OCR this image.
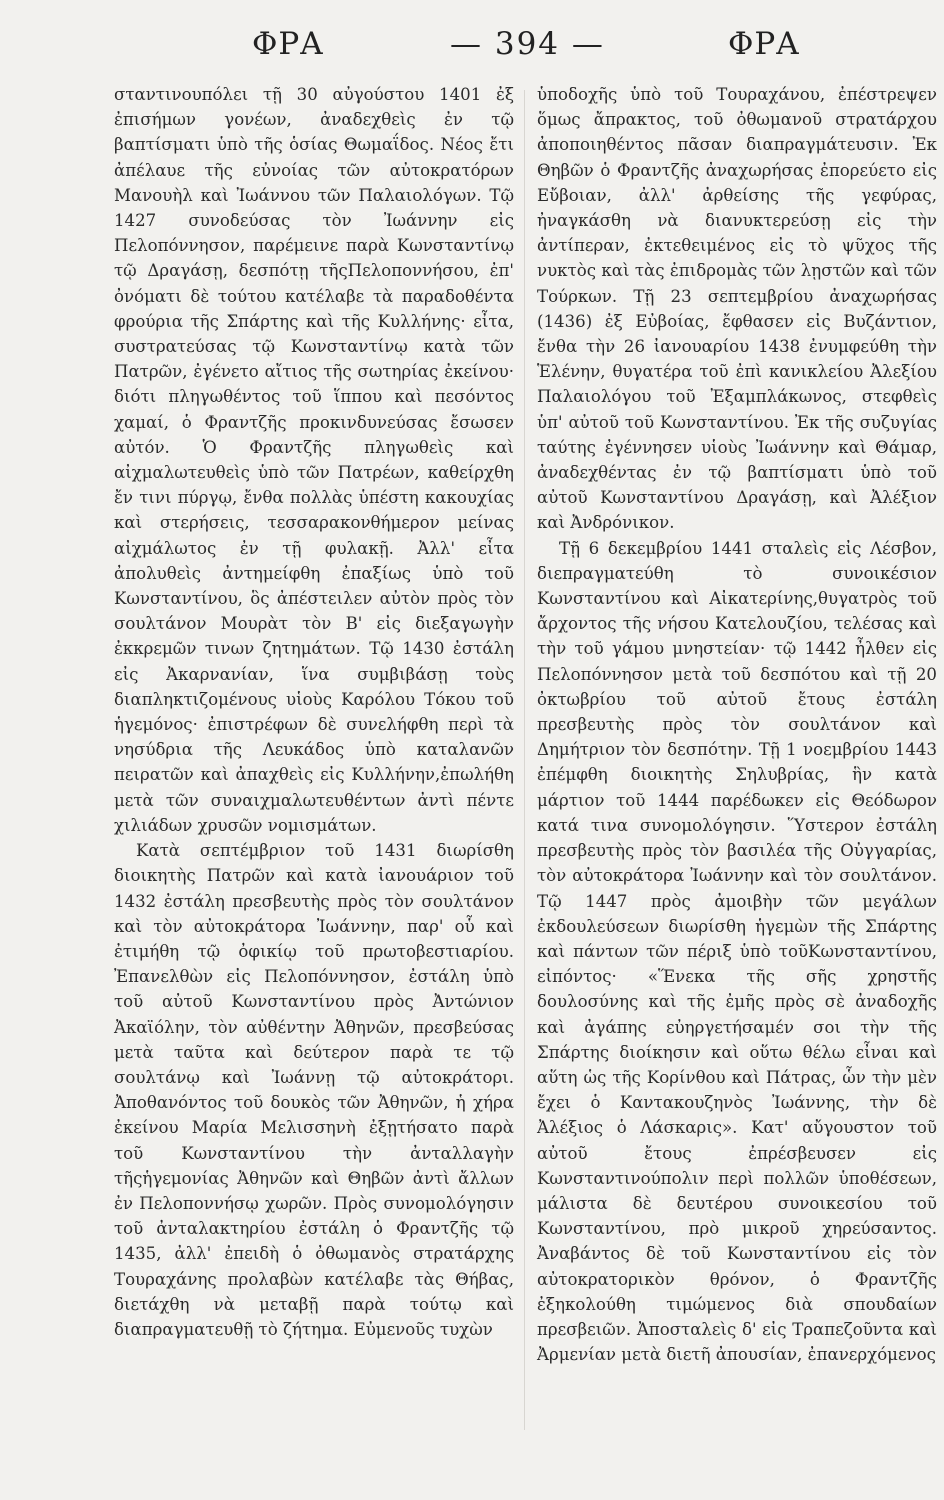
ΦΡΑ	— 394 —	ΦΡΑ

σταντινουπόλει τῇ 30 αὐγούστου 1401 ἐξ ἐπισήμων γονέων, ἀναδεχθεὶς ἐν τῷ βαπτίσματι ὑπὸ τῆς ὁσίας Θωμαΐδος. Νέος ἔτι ἀπέλαυε τῆς εὐνοίας τῶν αὐτοκρατόρων Μανουὴλ καὶ Ἰωάννου τῶν Παλαιολόγων. Τῷ 1427 συνοδεύσας τὸν Ἰωάννην εἰς Πελοπόννησον, παρέμεινε παρὰ Κωνσταντίνῳ τῷ Δραγάσῃ, δεσπότῃ τῆςΠελοποννήσου, ἐπ' ὀνόματι δὲ τούτου κατέλαβε τὰ παραδοθέντα φρούρια τῆς Σπάρτης καὶ τῆς Κυλλήνης· εἶτα, συστρατεύσας τῷ Κωνσταντίνῳ κατὰ τῶν Πατρῶν, ἐγένετο αἴτιος τῆς σωτηρίας ἐκείνου· διότι πληγωθέντος τοῦ ἵππου καὶ πεσόντος χαμαί, ὁ Φραντζῆς προκινδυνεύσας ἔσωσεν αὐτόν. Ὁ Φραντζῆς πληγωθεὶς καὶ αἰχμαλωτευθεὶς ὑπὸ τῶν Πατρέων, καθείρχθη ἔν τινι πύργῳ, ἔνθα πολλὰς ὑπέστη κακουχίας καὶ στερήσεις, τεσσαρακονθήμερον μείνας αἰχμάλωτος ἐν τῇ φυλακῇ. Ἀλλ' εἶτα ἀπολυθεὶς ἀντημείφθη ἐπαξίως ὑπὸ τοῦ Κωνσταντίνου, ὃς ἀπέστειλεν αὐτὸν πρὸς τὸν σουλτάνον Μουρὰτ τὸν Β' εἰς διεξαγωγὴν ἐκκρεμῶν τινων ζητημάτων. Τῷ 1430 ἐστάλη εἰς Ἀκαρνανίαν, ἵνα συμβιβάσῃ τοὺς διαπληκτιζομένους υἱοὺς Καρόλου Τόκου τοῦ ἡγεμόνος· ἐπιστρέφων δὲ συνελήφθη περὶ τὰ νησύδρια τῆς Λευκάδος ὑπὸ καταλανῶν πειρατῶν καὶ ἀπαχθεὶς εἰς Κυλλήνην,ἐπωλήθη μετὰ τῶν συναιχμαλωτευθέντων ἀντὶ πέντε χιλιάδων χρυσῶν νομισμάτων.

Κατὰ σεπτέμβριον τοῦ 1431 διωρίσθη διοικητὴς Πατρῶν καὶ κατὰ ἰανουάριον τοῦ 1432 ἐστάλη πρεσβευτὴς πρὸς τὸν σουλτάνον καὶ τὸν αὐτοκράτορα Ἰωάννην, παρ' οὗ καὶ ἐτιμήθη τῷ ὀφικίῳ τοῦ πρωτοβεστιαρίου. Ἐπανελθὼν εἰς Πελοπόννησον, ἐστάλη ὑπὸ τοῦ αὐτοῦ Κωνσταντίνου πρὸς Ἀντώνιον Ἀκαϊόλην, τὸν αὐθέντην Ἀθηνῶν, πρεσβεύσας μετὰ ταῦτα καὶ δεύτερον παρὰ τε τῷ σουλτάνῳ καὶ Ἰωάννῃ τῷ αὐτοκράτορι. Ἀποθανόντος τοῦ δουκὸς τῶν Ἀθηνῶν, ἡ χήρα ἐκείνου Μαρία Μελισσηνὴ ἐξῃτήσατο παρὰ τοῦ Κωνσταντίνου τὴν ἀνταλλαγὴν τῆςἡγεμονίας Ἀθηνῶν καὶ Θηβῶν ἀντὶ ἄλλων ἐν Πελοποννήσῳ χωρῶν. Πρὸς συνομολόγησιν τοῦ ἀνταλακτηρίου ἐστάλη ὁ Φραντζῆς τῷ 1435, ἀλλ' ἐπειδὴ ὁ ὀθωμανὸς στρατάρχης Τουραχάνης προλαβὼν κατέλαβε τὰς Θήβας, διετάχθη νὰ μεταβῇ παρὰ τούτῳ καὶ διαπραγματευθῇ τὸ ζήτημα. Εὐμενοῦς τυχὼν

ὑποδοχῆς ὑπὸ τοῦ Τουραχάνου, ἐπέστρεψεν ὅμως ἄπρακτος, τοῦ ὀθωμανοῦ στρατάρχου ἀποποιηθέντος πᾶσαν διαπραγμάτευσιν. Ἐκ Θηβῶν ὁ Φραντζῆς ἀναχωρήσας ἐπορεύετο εἰς Εὔβοιαν, ἀλλ' ἀρθείσης τῆς γεφύρας, ἠναγκάσθη νὰ διανυκτερεύσῃ εἰς τὴν ἀντίπεραν, ἐκτεθειμένος εἰς τὸ ψῦχος τῆς νυκτὸς καὶ τὰς ἐπιδρομὰς τῶν λῃστῶν καὶ τῶν Τούρκων. Τῇ 23 σεπτεμβρίου ἀναχωρήσας (1436) ἐξ Εὐβοίας, ἔφθασεν εἰς Βυζάντιον, ἔνθα τὴν 26 ἰανουαρίου 1438 ἐνυμφεύθη τὴν Ἑλένην, θυγατέρα τοῦ ἐπὶ κανικλείου Ἀλεξίου Παλαιολόγου τοῦ Ἐξαμπλάκωνος, στεφθεὶς ὑπ' αὐτοῦ τοῦ Κωνσταντίνου. Ἐκ τῆς συζυγίας ταύτης ἐγέννησεν υἱοὺς Ἰωάννην καὶ Θάμαρ, ἀναδεχθέντας ἐν τῷ βαπτίσματι ὑπὸ τοῦ αὐτοῦ Κωνσταντίνου Δραγάσῃ, καὶ Ἀλέξιον καὶ Ἀνδρόνικον.

Τῇ 6 δεκεμβρίου 1441 σταλεὶς εἰς Λέσβον, διεπραγματεύθη τὸ συνοικέσιον Κωνσταντίνου καὶ Αἰκατερίνης,θυγατρὸς τοῦ ἄρχοντος τῆς νήσου Κατελουζίου, τελέσας καὶ τὴν τοῦ γάμου μνηστείαν· τῷ 1442 ἦλθεν εἰς Πελοπόννησον μετὰ τοῦ δεσπότου καὶ τῇ 20 ὀκτωβρίου τοῦ αὐτοῦ ἔτους ἐστάλη πρεσβευτὴς πρὸς τὸν σουλτάνον καὶ Δημήτριον τὸν δεσπότην. Τῇ 1 νοεμβρίου 1443 ἐπέμφθη διοικητὴς Σηλυβρίας, ἣν κατὰ μάρτιον τοῦ 1444 παρέδωκεν εἰς Θεόδωρον κατά τινα συνομολόγησιν. Ὕστερον ἐστάλη πρεσβευτὴς πρὸς τὸν βασιλέα τῆς Οὐγγαρίας, τὸν αὐτοκράτορα Ἰωάννην καὶ τὸν σουλτάνον. Τῷ 1447 πρὸς ἀμοιβὴν τῶν μεγάλων ἐκδουλεύσεων διωρίσθη ἡγεμὼν τῆς Σπάρτης καὶ πάντων τῶν πέριξ ὑπὸ τοῦΚωνσταντίνου, εἰπόντος· «Ἕνεκα τῆς σῆς χρηστῆς δουλοσύνης καὶ τῆς ἐμῆς πρὸς σὲ ἀναδοχῆς καὶ ἀγάπης εὐηργετήσαμέν σοι τὴν τῆς Σπάρτης διοίκησιν καὶ οὕτω θέλω εἶναι καὶ αὕτη ὡς τῆς Κορίνθου καὶ Πάτρας, ὧν τὴν μὲν ἔχει ὁ Καντακουζηνὸς Ἰωάννης, τὴν δὲ Ἀλέξιος ὁ Λάσκαρις». Κατ' αὔγουστον τοῦ αὐτοῦ ἔτους ἐπρέσβευσεν εἰς Κωνσταντινούπολιν περὶ πολλῶν ὑποθέσεων, μάλιστα δὲ δευτέρου συνοικεσίου τοῦ Κωνσταντίνου, πρὸ μικροῦ χηρεύσαντος. Ἀναβάντος δὲ τοῦ Κωνσταντίνου εἰς τὸν αὐτοκρατορικὸν θρόνον, ὁ Φραντζῆς ἐξηκολούθη τιμώμενος διὰ σπουδαίων πρεσβειῶν. Ἀποσταλεὶς δ' εἰς Τραπεζοῦντα καὶ Ἀρμενίαν μετὰ διετῆ ἀπουσίαν, ἐπανερχόμενος
